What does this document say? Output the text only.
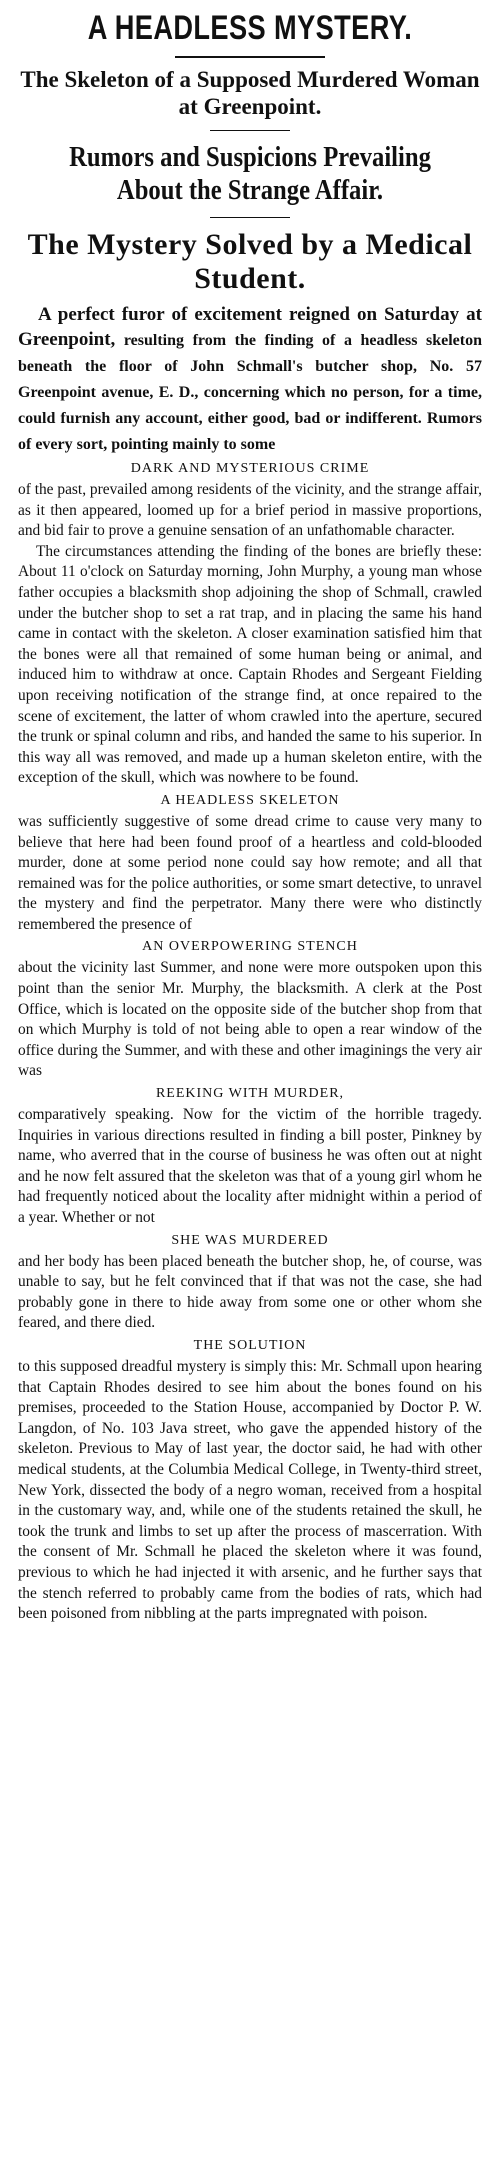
A HEADLESS MYSTERY.
The Skeleton of a Supposed Murdered Woman at Greenpoint.
Rumors and Suspicions Prevailing About the Strange Affair.
The Mystery Solved by a Medical Student.

A perfect furor of excitement reigned on Saturday at Greenpoint, resulting from the finding of a headless skeleton beneath the floor of John Schmall's butcher shop, No. 57 Greenpoint avenue, E. D., concerning which no person, for a time, could furnish any account, either good, bad or indifferent. Rumors of every sort, pointing mainly to some

DARK AND MYSTERIOUS CRIME

of the past, prevailed among residents of the vicinity, and the strange affair, as it then appeared, loomed up for a brief period in massive proportions, and bid fair to prove a genuine sensation of an unfathomable character.

The circumstances attending the finding of the bones are briefly these: About 11 o'clock on Saturday morning, John Murphy, a young man whose father occupies a blacksmith shop adjoining the shop of Schmall, crawled under the butcher shop to set a rat trap, and in placing the same his hand came in contact with the skeleton. A closer examination satisfied him that the bones were all that remained of some human being or animal, and induced him to withdraw at once. Captain Rhodes and Sergeant Fielding upon receiving notification of the strange find, at once repaired to the scene of excitement, the latter of whom crawled into the aperture, secured the trunk or spinal column and ribs, and handed the same to his superior. In this way all was removed, and made up a human skeleton entire, with the exception of the skull, which was nowhere to be found.

A HEADLESS SKELETON

was sufficiently suggestive of some dread crime to cause very many to believe that here had been found proof of a heartless and cold-blooded murder, done at some period none could say how remote; and all that remained was for the police authorities, or some smart detective, to unravel the mystery and find the perpetrator. Many there were who distinctly remembered the presence of

AN OVERPOWERING STENCH

about the vicinity last Summer, and none were more outspoken upon this point than the senior Mr. Murphy, the blacksmith. A clerk at the Post Office, which is located on the opposite side of the butcher shop from that on which Murphy is told of not being able to open a rear window of the office during the Summer, and with these and other imaginings the very air was

REEKING WITH MURDER,

comparatively speaking. Now for the victim of the horrible tragedy. Inquiries in various directions resulted in finding a bill poster, Pinkney by name, who averred that in the course of business he was often out at night and he now felt assured that the skeleton was that of a young girl whom he had frequently noticed about the locality after midnight within a period of a year. Whether or not

SHE WAS MURDERED

and her body has been placed beneath the butcher shop, he, of course, was unable to say, but he felt convinced that if that was not the case, she had probably gone in there to hide away from some one or other whom she feared, and there died.

THE SOLUTION

to this supposed dreadful mystery is simply this: Mr. Schmall upon hearing that Captain Rhodes desired to see him about the bones found on his premises, proceeded to the Station House, accompanied by Doctor P. W. Langdon, of No. 103 Java street, who gave the appended history of the skeleton. Previous to May of last year, the doctor said, he had with other medical students, at the Columbia Medical College, in Twenty-third street, New York, dissected the body of a negro woman, received from a hospital in the customary way, and, while one of the students retained the skull, he took the trunk and limbs to set up after the process of mascerration. With the consent of Mr. Schmall he placed the skeleton where it was found, previous to which he had injected it with arsenic, and he further says that the stench referred to probably came from the bodies of rats, which had been poisoned from nibbling at the parts impregnated with poison.
